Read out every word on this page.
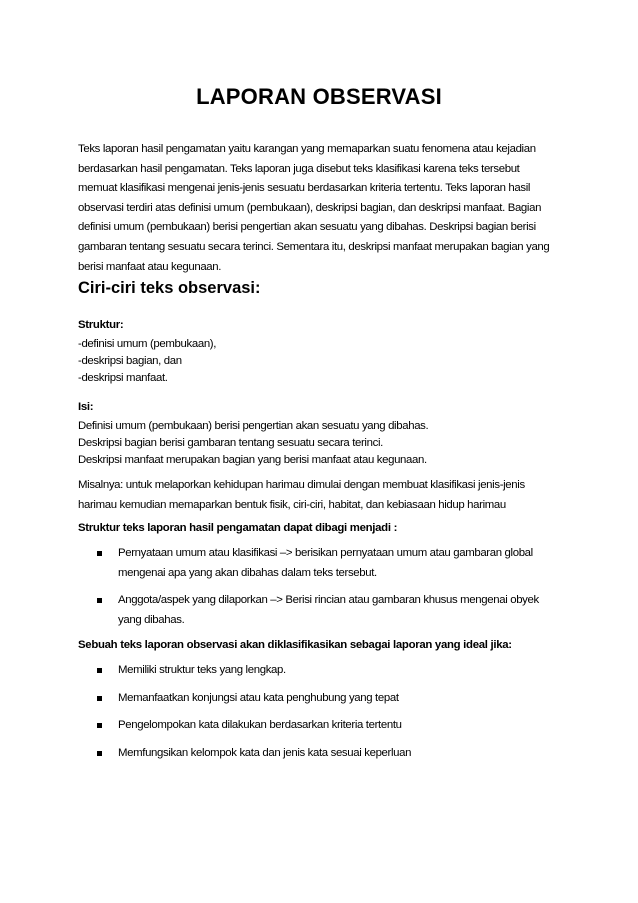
LAPORAN OBSERVASI

Teks laporan hasil pengamatan yaitu karangan yang memaparkan suatu fenomena atau kejadian
berdasarkan hasil pengamatan. Teks laporan juga disebut teks klasifikasi karena teks tersebut
memuat klasifikasi mengenai jenis-jenis sesuatu berdasarkan kriteria tertentu. Teks laporan hasil
observasi terdiri atas definisi umum (pembukaan), deskripsi bagian, dan deskripsi manfaat. Bagian
definisi umum (pembukaan) berisi pengertian akan sesuatu yang dibahas. Deskripsi bagian berisi
gambaran tentang sesuatu secara terinci. Sementara itu, deskripsi manfaat merupakan bagian yang
berisi manfaat atau kegunaan.

Ciri-ciri teks observasi:
Struktur:
-definisi umum (pembukaan),
-deskripsi bagian, dan
-deskripsi manfaat.
Isi:
Definisi umum (pembukaan) berisi pengertian akan sesuatu yang dibahas.
Deskripsi bagian berisi gambaran tentang sesuatu secara terinci.
Deskripsi manfaat merupakan bagian yang berisi manfaat atau kegunaan.

Misalnya: untuk melaporkan kehidupan harimau dimulai dengan membuat klasifikasi jenis-jenis
harimau kemudian memaparkan bentuk fisik, ciri-ciri, habitat, dan kebiasaan hidup harimau

Struktur teks laporan hasil pengamatan dapat dibagi menjadi :
Pernyataan umum atau klasifikasi –> berisikan pernyataan umum atau gambaran global
mengenai apa yang akan dibahas dalam teks tersebut.
Anggota/aspek yang dilaporkan –> Berisi rincian atau gambaran khusus mengenai obyek
yang dibahas.
Sebuah teks laporan observasi akan diklasifikasikan sebagai laporan yang ideal jika:
Memiliki struktur teks yang lengkap.
Memanfaatkan konjungsi atau kata penghubung yang tepat
Pengelompokan kata dilakukan berdasarkan kriteria tertentu
Memfungsikan kelompok kata dan jenis kata sesuai keperluan
